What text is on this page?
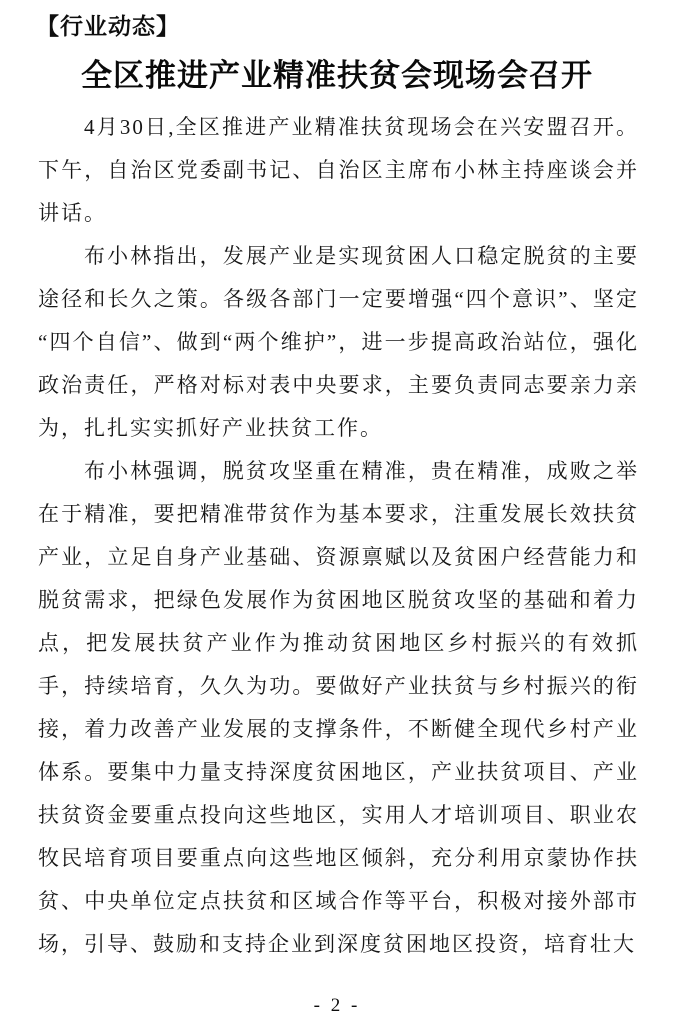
【行业动态】
全区推进产业精准扶贫会现场会召开

4月30日,全区推进产业精准扶贫现场会在兴安盟召开。下午，自治区党委副书记、自治区主席布小林主持座谈会并讲话。

布小林指出，发展产业是实现贫困人口稳定脱贫的主要途径和长久之策。各级各部门一定要增强“四个意识”、坚定“四个自信”、做到“两个维护”，进一步提高政治站位，强化政治责任，严格对标对表中央要求，主要负责同志要亲力亲为，扎扎实实抓好产业扶贫工作。

布小林强调，脱贫攻坚重在精准，贵在精准，成败之举在于精准，要把精准带贫作为基本要求，注重发展长效扶贫产业，立足自身产业基础、资源禀赋以及贫困户经营能力和脱贫需求，把绿色发展作为贫困地区脱贫攻坚的基础和着力点，把发展扶贫产业作为推动贫困地区乡村振兴的有效抓手，持续培育，久久为功。要做好产业扶贫与乡村振兴的衔接，着力改善产业发展的支撑条件，不断健全现代乡村产业体系。要集中力量支持深度贫困地区，产业扶贫项目、产业扶贫资金要重点投向这些地区，实用人才培训项目、职业农牧民培育项目要重点向这些地区倾斜，充分利用京蒙协作扶贫、中央单位定点扶贫和区域合作等平台，积极对接外部市场，引导、鼓励和支持企业到深度贫困地区投资，培育壮大

- 2 -
